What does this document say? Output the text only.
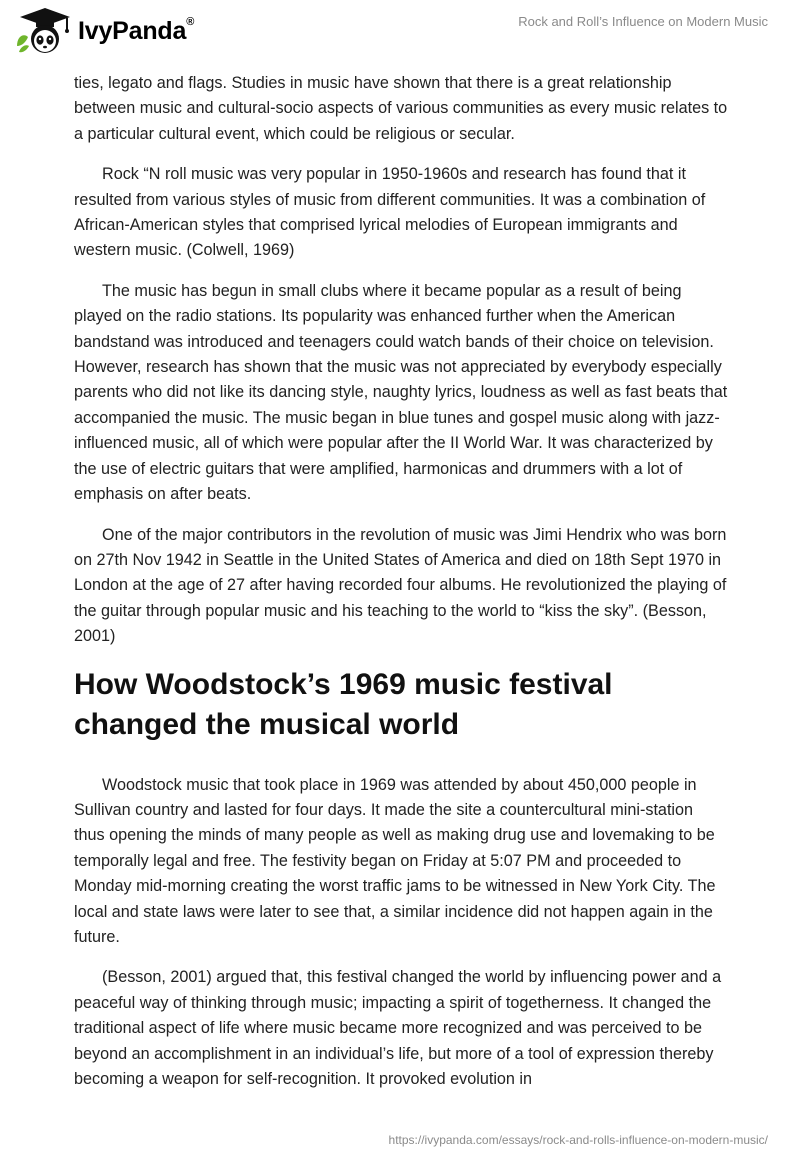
IvyPanda®	Rock and Roll’s Influence on Modern Music

ties, legato and flags. Studies in music have shown that there is a great relationship between music and cultural-socio aspects of various communities as every music relates to a particular cultural event, which could be religious or secular.

Rock “N roll music was very popular in 1950-1960s and research has found that it resulted from various styles of music from different communities. It was a combination of African-American styles that comprised lyrical melodies of European immigrants and western music. (Colwell, 1969)

The music has begun in small clubs where it became popular as a result of being played on the radio stations. Its popularity was enhanced further when the American bandstand was introduced and teenagers could watch bands of their choice on television. However, research has shown that the music was not appreciated by everybody especially parents who did not like its dancing style, naughty lyrics, loudness as well as fast beats that accompanied the music. The music began in blue tunes and gospel music along with jazz-influenced music, all of which were popular after the II World War. It was characterized by the use of electric guitars that were amplified, harmonicas and drummers with a lot of emphasis on after beats.

One of the major contributors in the revolution of music was Jimi Hendrix who was born on 27th Nov 1942 in Seattle in the United States of America and died on 18th Sept 1970 in London at the age of 27 after having recorded four albums. He revolutionized the playing of the guitar through popular music and his teaching to the world to “kiss the sky”. (Besson, 2001)

How Woodstock’s 1969 music festival changed the musical world

Woodstock music that took place in 1969 was attended by about 450,000 people in Sullivan country and lasted for four days. It made the site a countercultural mini-station thus opening the minds of many people as well as making drug use and lovemaking to be temporally legal and free. The festivity began on Friday at 5:07 PM and proceeded to Monday mid-morning creating the worst traffic jams to be witnessed in New York City. The local and state laws were later to see that, a similar incidence did not happen again in the future.

(Besson, 2001) argued that, this festival changed the world by influencing power and a peaceful way of thinking through music; impacting a spirit of togetherness. It changed the traditional aspect of life where music became more recognized and was perceived to be beyond an accomplishment in an individual’s life, but more of a tool of expression thereby becoming a weapon for self-recognition. It provoked evolution in

https://ivypanda.com/essays/rock-and-rolls-influence-on-modern-music/
